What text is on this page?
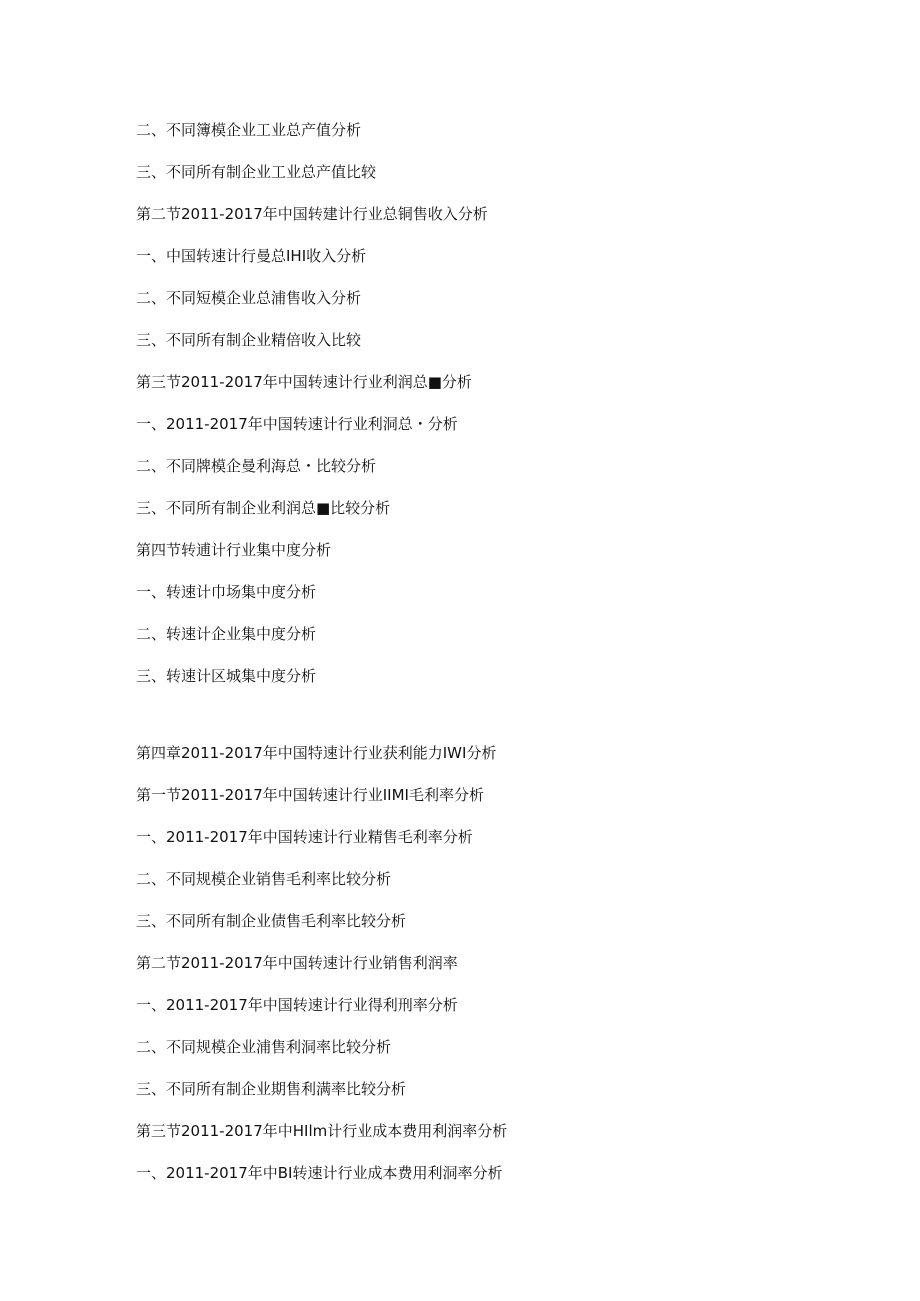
二、不同簿模企业工业总产值分析
三、不同所有制企业工业总产值比较
第二节2011-2017年中国转建计行业总铜售收入分析
一、中国转速计行曼总IHI收入分析
二、不同短模企业总浦售收入分析
三、不同所有制企业精倍收入比较
第三节2011-2017年中国转速计行业利润总■分析
一、2011-2017年中国转速计行业利洞总・分析
二、不同牌模企曼利海总・比较分析
三、不同所有制企业利润总■比较分析
第四节转逋计行业集中度分析
一、转速计巾场集中度分析
二、转速计企业集中度分析
三、转速计区城集中度分析
第四章2011-2017年中国特速计行业获利能力IWI分析
第一节2011-2017年中国转速计行业IIMI毛利率分析
一、2011-2017年中国转速计行业精售毛利率分析
二、不同规模企业销售毛利率比较分析
三、不同所有制企业债售毛利率比较分析
第二节2011-2017年中国转速计行业销售利润率
一、2011-2017年中国转速计行业得利刑率分析
二、不同规模企业浦售利洞率比较分析
三、不同所有制企业期售利满率比较分析
第三节2011-2017年中HIlm计行业成本费用利润率分析
一、2011-2017年中BI转速计行业成本费用利洞率分析
